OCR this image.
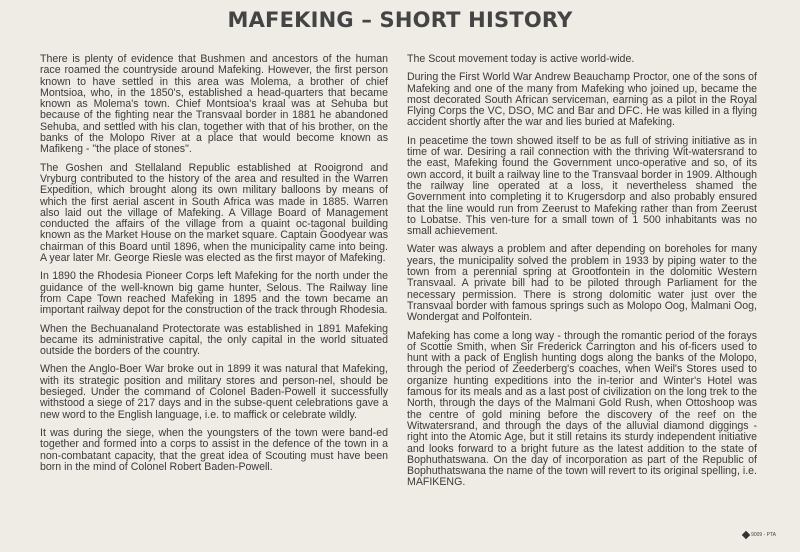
MAFEKING – SHORT HISTORY

There is plenty of evidence that Bushmen and ancestors of the human race roamed the countryside around Mafeking. However, the first person known to have settled in this area was Molema, a brother of chief Montsioa, who, in the 1850's, established a head-quarters that became known as Molema's town. Chief Montsioa's kraal was at Sehuba but because of the fighting near the Transvaal border in 1881 he abandoned Sehuba, and settled with his clan, together with that of his brother, on the banks of the Molopo River at a place that would become known as Mafikeng - "the place of stones".

The Goshen and Stellaland Republic established at Rooigrond and Vryburg contributed to the history of the area and resulted in the Warren Expedition, which brought along its own military balloons by means of which the first aerial ascent in South Africa was made in 1885. Warren also laid out the village of Mafeking. A Village Board of Management conducted the affairs of the village from a quaint oc-tagonal building known as the Market House on the market square. Captain Goodyear was chairman of this Board until 1896, when the municipality came into being. A year later Mr. George Riesle was elected as the first mayor of Mafeking.

In 1890 the Rhodesia Pioneer Corps left Mafeking for the north under the guidance of the well-known big game hunter, Selous. The Railway line from Cape Town reached Mafeking in 1895 and the town became an important railway depot for the construction of the track through Rhodesia.

When the Bechuanaland Protectorate was established in 1891 Mafeking became its administrative capital, the only capital in the world situated outside the borders of the country.

When the Anglo-Boer War broke out in 1899 it was natural that Mafeking, with its strategic position and military stores and person-nel, should be besieged. Under the command of Colonel Baden-Powell it successfully withstood a siege of 217 days and in the subse-quent celebrations gave a new word to the English language, i.e. to maffick or celebrate wildly.

It was during the siege, when the youngsters of the town were band-ed together and formed into a corps to assist in the defence of the town in a non-combatant capacity, that the great idea of Scouting must have been born in the mind of Colonel Robert Baden-Powell.

The Scout movement today is active world-wide.

During the First World War Andrew Beauchamp Proctor, one of the sons of Mafeking and one of the many from Mafeking who joined up, became the most decorated South African serviceman, earning as a pilot in the Royal Flying Corps the VC, DSO, MC and Bar and DFC. He was killed in a flying accident shortly after the war and lies buried at Mafeking.

In peacetime the town showed itself to be as full of striving initiative as in time of war. Desiring a rail connection with the thriving Wit-watersrand to the east, Mafeking found the Government unco-operative and so, of its own accord, it built a railway line to the Transvaal border in 1909. Although the railway line operated at a loss, it nevertheless shamed the Government into completing it to Krugersdorp and also probably ensured that the line would run from Zeerust to Mafeking rather than from Zeerust to Lobatse. This ven-ture for a small town of 1 500 inhabitants was no small achievement.

Water was always a problem and after depending on boreholes for many years, the municipality solved the problem in 1933 by piping water to the town from a perennial spring at Grootfontein in the dolomitic Western Transvaal. A private bill had to be piloted through Parliament for the necessary permission. There is strong dolomitic water just over the Transvaal border with famous springs such as Molopo Oog, Malmani Oog, Wondergat and Polfontein.

Mafeking has come a long way - through the romantic period of the forays of Scottie Smith, when Sir Frederick Carrington and his of-ficers used to hunt with a pack of English hunting dogs along the banks of the Molopo, through the period of Zeederberg's coaches, when Weil's Stores used to organize hunting expeditions into the in-terior and Winter's Hotel was famous for its meals and as a last post of civilization on the long trek to the North, through the days of the Malmani Gold Rush, when Ottoshoop was the centre of gold mining before the discovery of the reef on the Witwatersrand, and through the days of the alluvial diamond diggings -right into the Atomic Age, but it still retains its sturdy independent initiative and looks forward to a bright future as the latest addition to the state of Bophuthatswana. On the day of incorporation as part of the Republic of Bophuthatswana the name of the town will revert to its original spelling, i.e. MAFIKENG.

9009 - PTA
